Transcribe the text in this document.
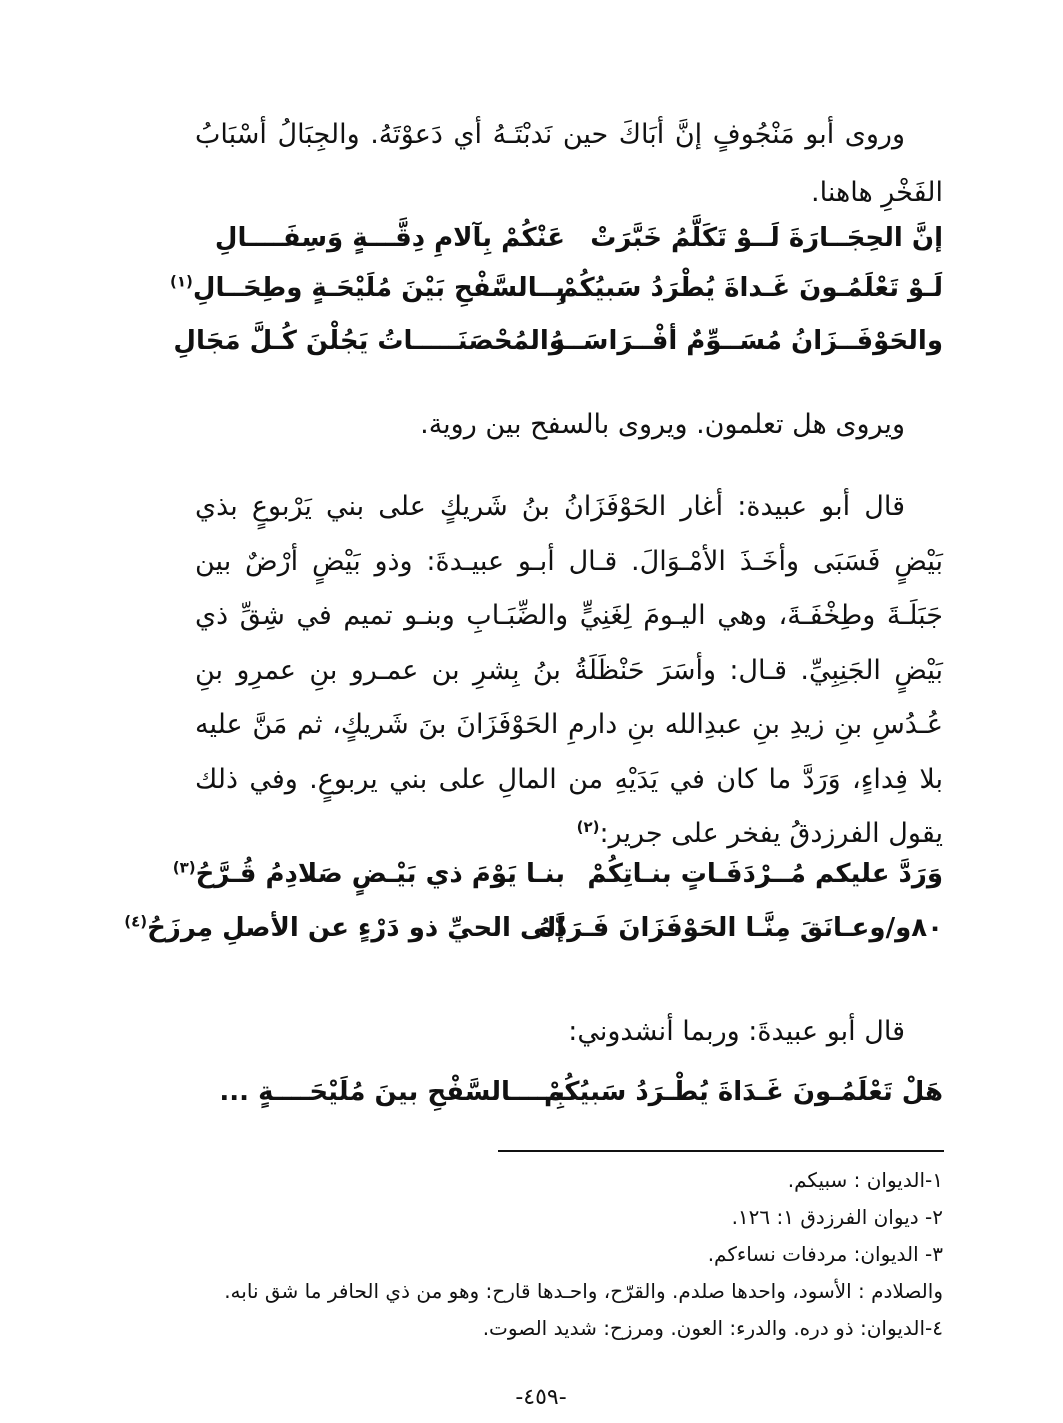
وروى أبو مَنْجُوفٍ إنَّ أبَاكَ حين نَدبْتَـهُ أي دَعوْتَهُ. والجِبَالُ أسْبَابُ الفَخْرِ هاهنا.
إنَّ الحِجَــارَةَ لَــوْ تَكَلَّمُ خَبَّرَتْ
عَنْكُمْ بِآلامِ دِقَّـــةٍ وَسِفَــــالِ
لَـوْ تَعْلَمُـونَ غَـداةَ يُطْرَدُ سَبيُكُمْ
بِــالسَّفْحِ بَيْنَ مُلَيْحَـةٍ وطِحَــالِ$^{(١)}$
والحَوْفَــزَانُ مُسَــوِّمٌ أفْــرَاسَــهُ
والمُحْصَنَـــــاتُ يَجُلْنَ كُـلَّ مَجَالِ
ويروى هل تعلمون. ويروى بالسفح بين روية.
قال أبو عبيدة: أغار الحَوْفَزَانُ بنُ شَريكٍ على بني يَرْبوعٍ بذي بَيْضٍ فَسَبَى وأخَـذَ الأمْـوَالَ. قـال أبـو عبيـدةَ: وذو بَيْضٍ أرْضٌ بين جَبَلَـةَ وطِخْفَـةَ، وهي اليـومَ لِغَنِيٍّ والضِّبَـابِ وبنـو تميم في شِقِّ ذي بَيْضٍ الجَنِبِيِّ. قـال: وأسَرَ حَنْظَلَةُ بنُ بِشرِ بن عمـرو بنِ عمرِو بنِ عُـدُسِ بنِ زيدِ بنِ عبدِالله بنِ دارمِ الحَوْفَزَانَ بنَ شَريكٍ، ثم مَنَّ عليه بلا فِداءٍ، وَرَدَّ ما كان في يَدَيْهِ من المالِ على بني يربوعٍ. وفي ذلك يقول الفرزدقُ يفخر على جرير:$^{(٢)}$
وَرَدَّ عليكم مُــرْدَفَـاتٍ بنـاتِكُمْ
بنـا يَوْمَ ذي بَيْـضٍ صَلادِمُ قُـرَّحُ$^{(٣)}$
٨٠و/وعـانَقَ مِنَّـا الحَوْفَزَانَ فَـرَدَّهُ
إلى الحيِّ ذو دَرْءٍ عن الأصلِ مِرزَحُ$^{(٤)}$
قال أبو عبيدةَ: وربما أنشدوني:
هَلْ تَعْلَمُـونَ غَـدَاةَ يُطْـرَدُ سَبيُكُمْ
بِـــــالسَّفْحِ بينَ مُلَيْحَــــةٍ ...

١-الديوان : سبيكم.

٢- ديوان الفرزدق ١: ١٢٦.

٣- الديوان: مردفات نساءكم.

والصلادم : الأسود، واحدها صلدم. والقرّح، واحـدها قارح: وهو من ذي الحافر ما شق نابه.

٤-الديوان: ذو دره. والدرء: العون. ومرزح: شديد الصوت.

-٤٥٩-
